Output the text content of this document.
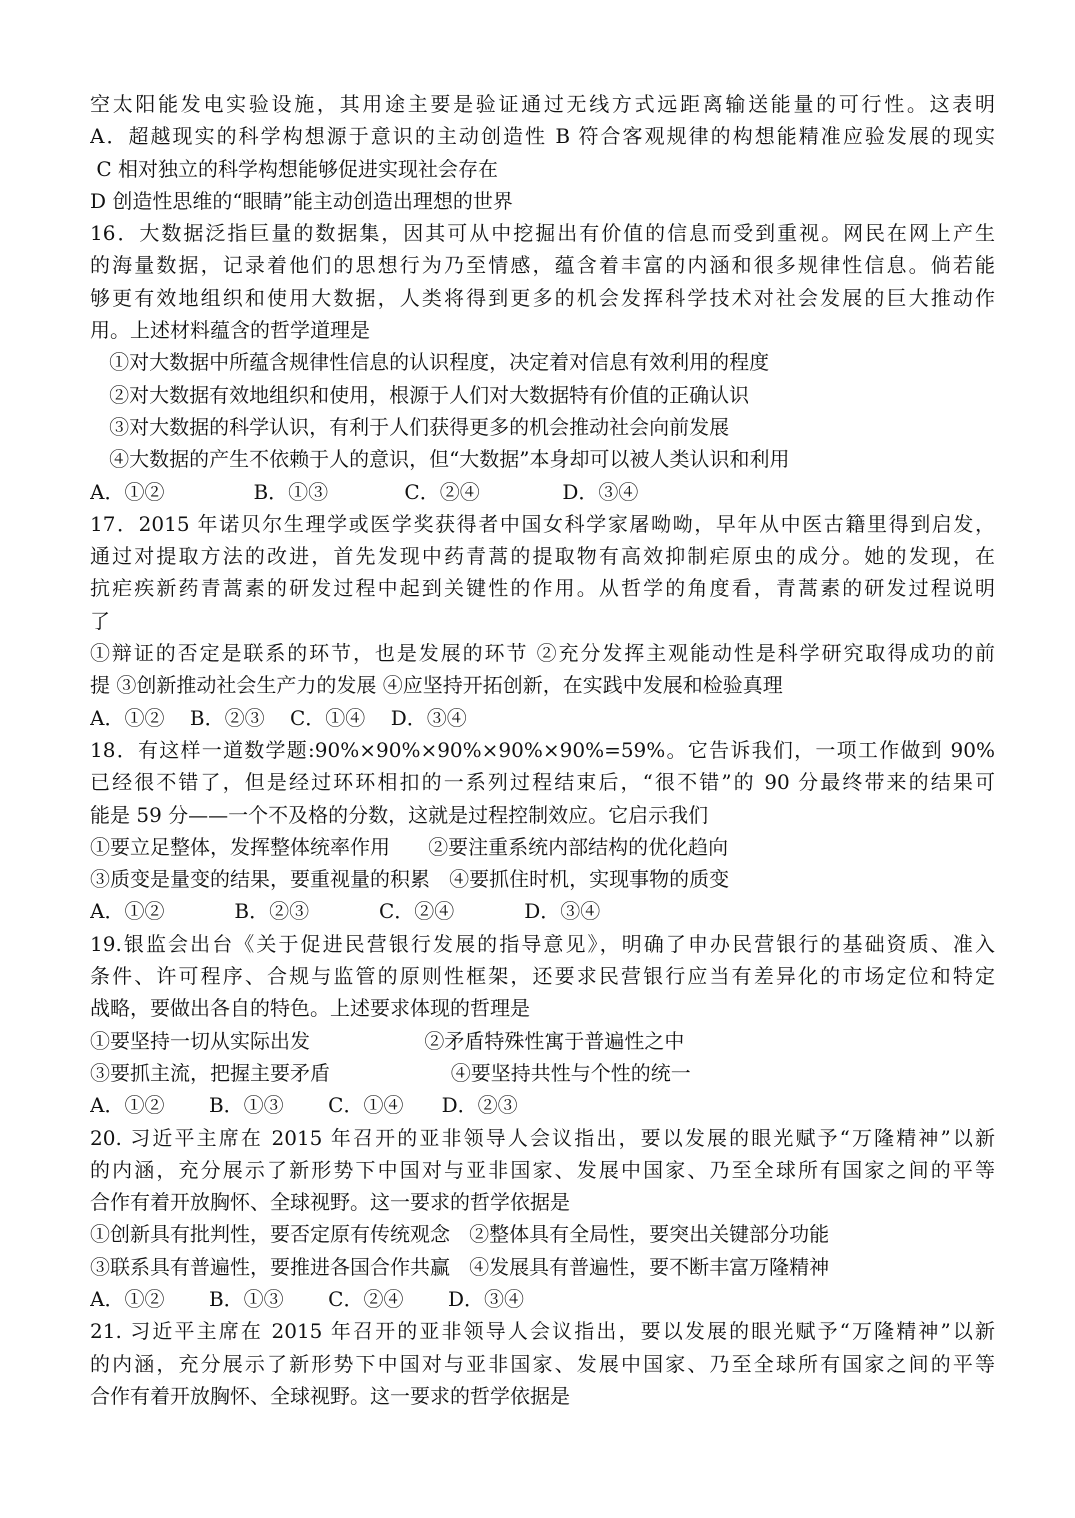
空太阳能发电实验设施，其用途主要是验证通过无线方式远距离输送能量的可行性。这表明
A．超越现实的科学构想源于意识的主动创造性 B 符合客观规律的构想能精准应验发展的现实
C 相对独立的科学构想能够促进实现社会存在
D 创造性思维的“眼睛”能主动创造出理想的世界
16．大数据泛指巨量的数据集，因其可从中挖掘出有价值的信息而受到重视。网民在网上产生
的海量数据，记录着他们的思想行为乃至情感，蕴含着丰富的内涵和很多规律性信息。倘若能
够更有效地组织和使用大数据，人类将得到更多的机会发挥科学技术对社会发展的巨大推动作
用。上述材料蕴含的哲学道理是
①对大数据中所蕴含规律性信息的认识程度，决定着对信息有效利用的程度
②对大数据有效地组织和使用，根源于人们对大数据特有价值的正确认识
③对大数据的科学认识，有利于人们获得更多的机会推动社会向前发展
④大数据的产生不依赖于人的意识，但“大数据”本身却可以被人类认识和利用
A．①②              B．①③            C．②④             D．③④
17．2015 年诺贝尔生理学或医学奖获得者中国女科学家屠呦呦，早年从中医古籍里得到启发，
通过对提取方法的改进，首先发现中药青蒿的提取物有高效抑制疟原虫的成分。她的发现，在
抗疟疾新药青蒿素的研发过程中起到关键性的作用。从哲学的角度看，青蒿素的研发过程说明
了
①辩证的否定是联系的环节，也是发展的环节 ②充分发挥主观能动性是科学研究取得成功的前
提 ③创新推动社会生产力的发展 ④应坚持开拓创新，在实践中发展和检验真理
A．①②    B．②③    C．①④    D．③④
18．有这样一道数学题:90%×90%×90%×90%×90%=59%。它告诉我们，一项工作做到 90%
已经很不错了，但是经过环环相扣的一系列过程结束后，“很不错”的 90 分最终带来的结果可
能是 59 分——一个不及格的分数，这就是过程控制效应。它启示我们
①要立足整体，发挥整体统率作用      ②要注重系统内部结构的优化趋向
③质变是量变的结果，要重视量的积累   ④要抓住时机，实现事物的质变
A．①②           B．②③           C．②④           D．③④
19.银监会出台《关于促进民营银行发展的指导意见》，明确了申办民营银行的基础资质、准入
条件、许可程序、合规与监管的原则性框架，还要求民营银行应当有差异化的市场定位和特定
战略，要做出各自的特色。上述要求体现的哲理是
①要坚持一切从实际出发                  ②矛盾特殊性寓于普遍性之中
③要抓主流，把握主要矛盾                   ④要坚持共性与个性的统一
A．①②       B．①③       C．①④      D．②③
20. 习近平主席在 2015 年召开的亚非领导人会议指出，要以发展的眼光赋予“万隆精神”以新
的内涵，充分展示了新形势下中国对与亚非国家、发展中国家、乃至全球所有国家之间的平等
合作有着开放胸怀、全球视野。这一要求的哲学依据是
①创新具有批判性，要否定原有传统观念   ②整体具有全局性，要突出关键部分功能
③联系具有普遍性，要推进各国合作共赢   ④发展具有普遍性，要不断丰富万隆精神
A．①②       B．①③       C．②④       D．③④
21. 习近平主席在 2015 年召开的亚非领导人会议指出，要以发展的眼光赋予“万隆精神”以新
的内涵，充分展示了新形势下中国对与亚非国家、发展中国家、乃至全球所有国家之间的平等
合作有着开放胸怀、全球视野。这一要求的哲学依据是
